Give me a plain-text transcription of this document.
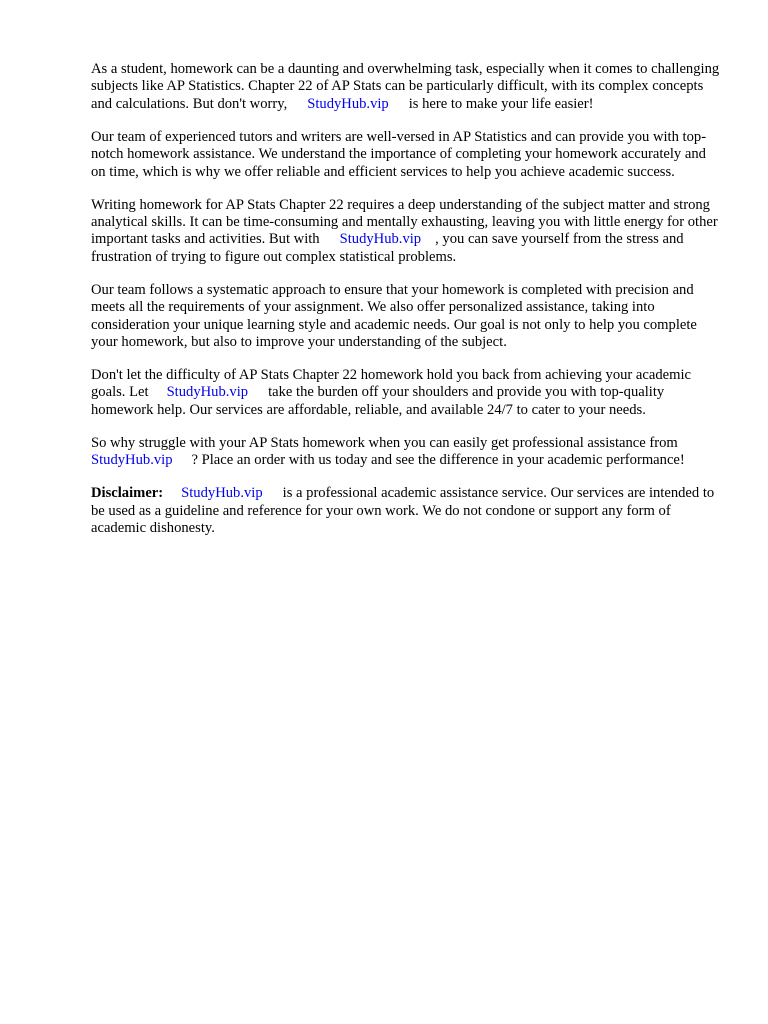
As a student, homework can be a daunting and overwhelming task, especially when it comes to challenging subjects like AP Statistics. Chapter 22 of AP Stats can be particularly difficult, with its complex concepts and calculations. But don't worry, StudyHub.vip is here to make your life easier!

Our team of experienced tutors and writers are well-versed in AP Statistics and can provide you with top-notch homework assistance. We understand the importance of completing your homework accurately and on time, which is why we offer reliable and efficient services to help you achieve academic success.

Writing homework for AP Stats Chapter 22 requires a deep understanding of the subject matter and strong analytical skills. It can be time-consuming and mentally exhausting, leaving you with little energy for other important tasks and activities. But with StudyHub.vip , you can save yourself from the stress and frustration of trying to figure out complex statistical problems.

Our team follows a systematic approach to ensure that your homework is completed with precision and meets all the requirements of your assignment. We also offer personalized assistance, taking into consideration your unique learning style and academic needs. Our goal is not only to help you complete your homework, but also to improve your understanding of the subject.

Don't let the difficulty of AP Stats Chapter 22 homework hold you back from achieving your academic goals. Let StudyHub.vip take the burden off your shoulders and provide you with top-quality homework help. Our services are affordable, reliable, and available 24/7 to cater to your needs.

So why struggle with your AP Stats homework when you can easily get professional assistance fromStudyHub.vip ? Place an order with us today and see the difference in your academic performance!

Disclaimer: StudyHub.vip is a professional academic assistance service. Our services are intended to be used as a guideline and reference for your own work. We do not condone or support any form of academic dishonesty.
